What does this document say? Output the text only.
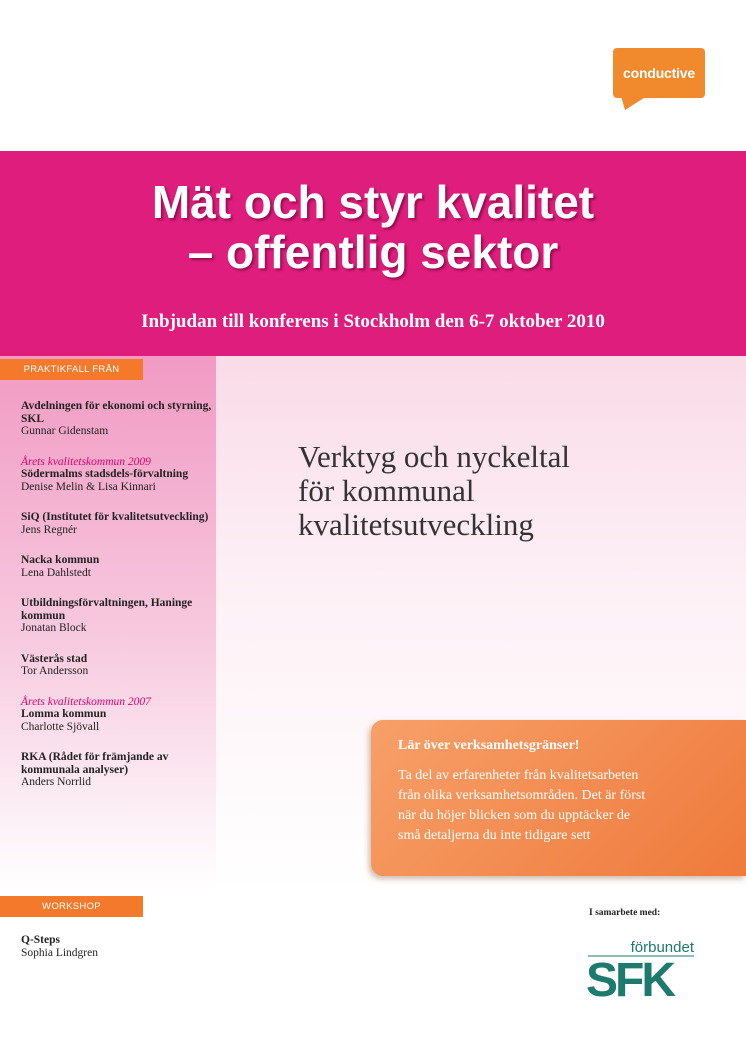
conductive
Mät och styr kvalitet
– offentlig sektor
Inbjudan till konferens i Stockholm den 6-7 oktober 2010
PRAKTIKFALL FRÅN
WORKSHOP
Avdelningen för ekonomi och styrning, SKL
Gunnar Gidenstam
Årets kvalitetskommun 2009
Södermalms stadsdels-förvaltning
Denise Melin & Lisa Kinnari
SiQ (Institutet för kvalitetsutveckling)
Jens Regnér
Nacka kommun
Lena Dahlstedt
Utbildningsförvaltningen, Haninge kommun
Jonatan Block
Västerås stad
Tor Andersson
Årets kvalitetskommun 2007
Lomma kommun
Charlotte Sjövall
RKA (Rådet för främjande av kommunala analyser)
Anders Norrlid
Q-Steps
Sophia Lindgren
Verktyg och nyckeltal
för kommunal
kvalitetsutveckling
Lär över verksamhetsgränser!
Ta del av erfarenheter från kvalitetsarbeten
från olika verksamhetsområden. Det är först
när du höjer blicken som du upptäcker de
små detaljerna du inte tidigare sett
I samarbete med:
förbundet
SFK
